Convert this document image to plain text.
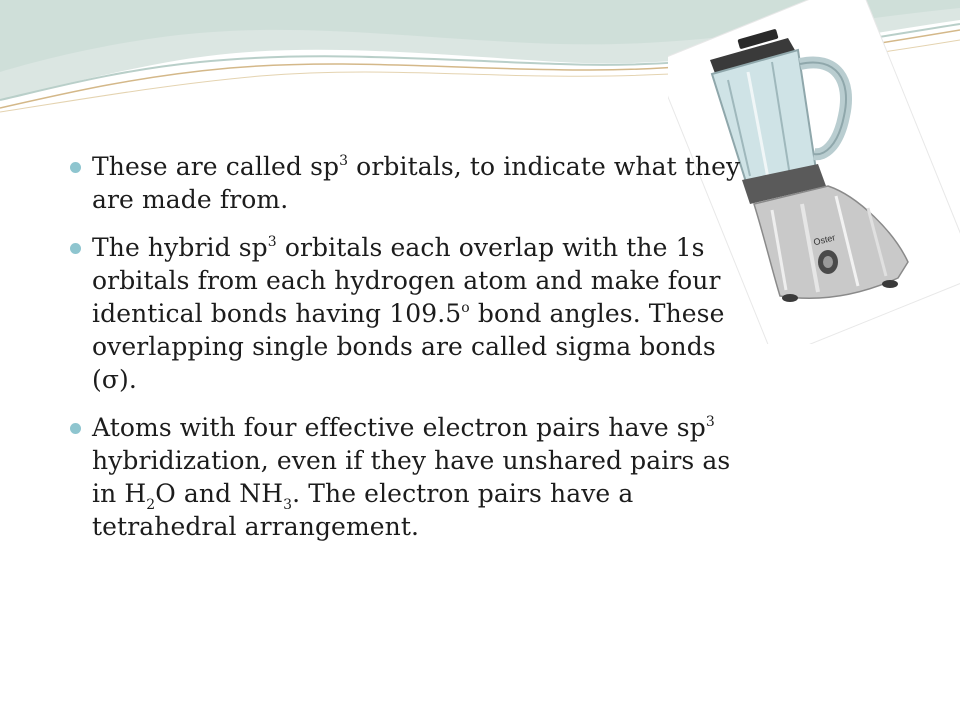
Oster
These are called $sp^3$ orbitals, to indicate what they are made from.
The hybrid $sp^3$ orbitals each overlap with the 1s orbitals from each hydrogen atom and make four identical bonds having 109.5$^o$ bond angles. These overlapping single bonds are called sigma bonds (σ).
Atoms with four effective electron pairs have $sp^3$ hybridization, even if they have unshared pairs as in $H_2O$ and $NH_3$. The electron pairs have a tetrahedral arrangement.
